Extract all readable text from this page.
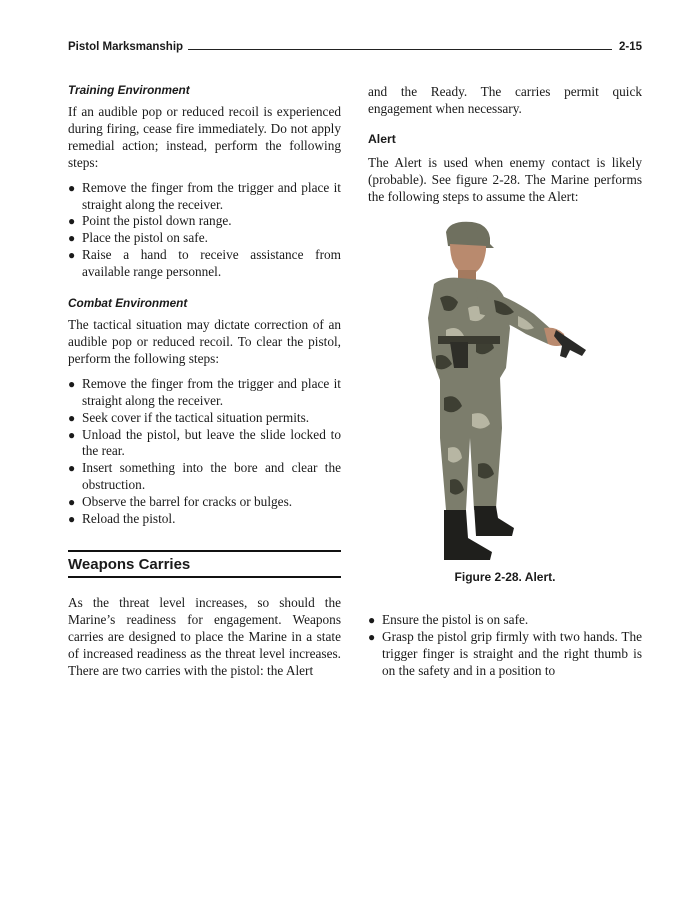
Pistol Marksmanship	2-15
Training Environment

If an audible pop or reduced recoil is experienced during firing, cease fire immediately. Do not apply remedial action; instead, perform the following steps:

● Remove the finger from the trigger and place it straight along the receiver.
● Point the pistol down range.
● Place the pistol on safe.
● Raise a hand to receive assistance from available range personnel.
Combat Environment

The tactical situation may dictate correction of an audible pop or reduced recoil. To clear the pistol, perform the following steps:

● Remove the finger from the trigger and place it straight along the receiver.
● Seek cover if the tactical situation permits.
● Unload the pistol, but leave the slide locked to the rear.
● Insert something into the bore and clear the obstruction.
● Observe the barrel for cracks or bulges.
● Reload the pistol.
Weapons Carries

As the threat level increases, so should the Marine’s readiness for engagement. Weapons carries are designed to place the Marine in a state of increased readiness as the threat level increases. There are two carries with the pistol: the Alert

and the Ready. The carries permit quick engagement when necessary.

Alert

The Alert is used when enemy contact is likely (probable). See figure 2-28. The Marine performs the following steps to assume the Alert:

Figure 2-28. Alert.
● Ensure the pistol is on safe.
● Grasp the pistol grip firmly with two hands. The trigger finger is straight and the right thumb is on the safety and in a position to
